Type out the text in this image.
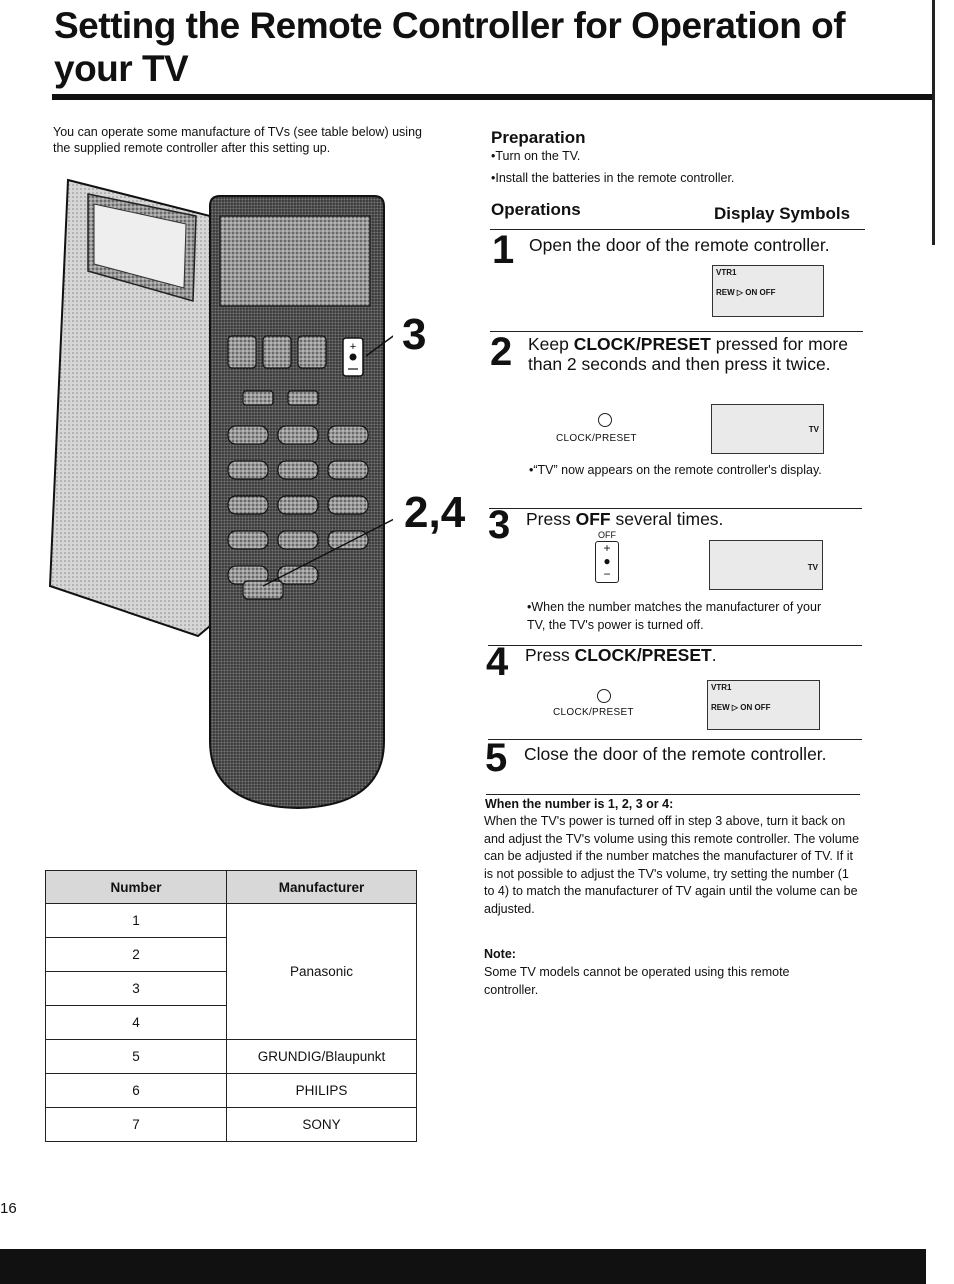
Setting the Remote Controller for Operation of your TV
You can operate some manufacture of TVs (see table below) using the supplied remote controller after this setting up.
+ 3
2,4
Preparation
•Turn on the TV.
•Install the batteries in the remote controller.
Operations	Display Symbols
1 Open the door of the remote controller.
VTR1
REW ▷ ON OFF
2 Keep CLOCK/PRESET pressed for more than 2 seconds and then press it twice.
CLOCK/PRESET
TV
•“TV” now appears on the remote controller's display.
3 Press OFF several times.
OFF
+
●
−	TV
•When the number matches the manufacturer of your TV, the TV's power is turned off.
4 Press CLOCK/PRESET.
CLOCK/PRESET
VTR1
REW ▷ ON OFF
5 Close the door of the remote controller.
When the number is 1, 2, 3 or 4:
When the TV's power is turned off in step 3 above, turn it back on and adjust the TV's volume using this remote controller. The volume can be adjusted if the number matches the manufacturer of TV. If it is not possible to adjust the TV's volume, try setting the number (1 to 4) to match the manufacturer of TV again until the volume can be adjusted.
Note:
Some TV models cannot be operated using this remote controller.
Number	Manufacturer
1	Panasonic
2	
3	
4	
5	GRUNDIG/Blaupunkt
6	PHILIPS
7	SONY
16
